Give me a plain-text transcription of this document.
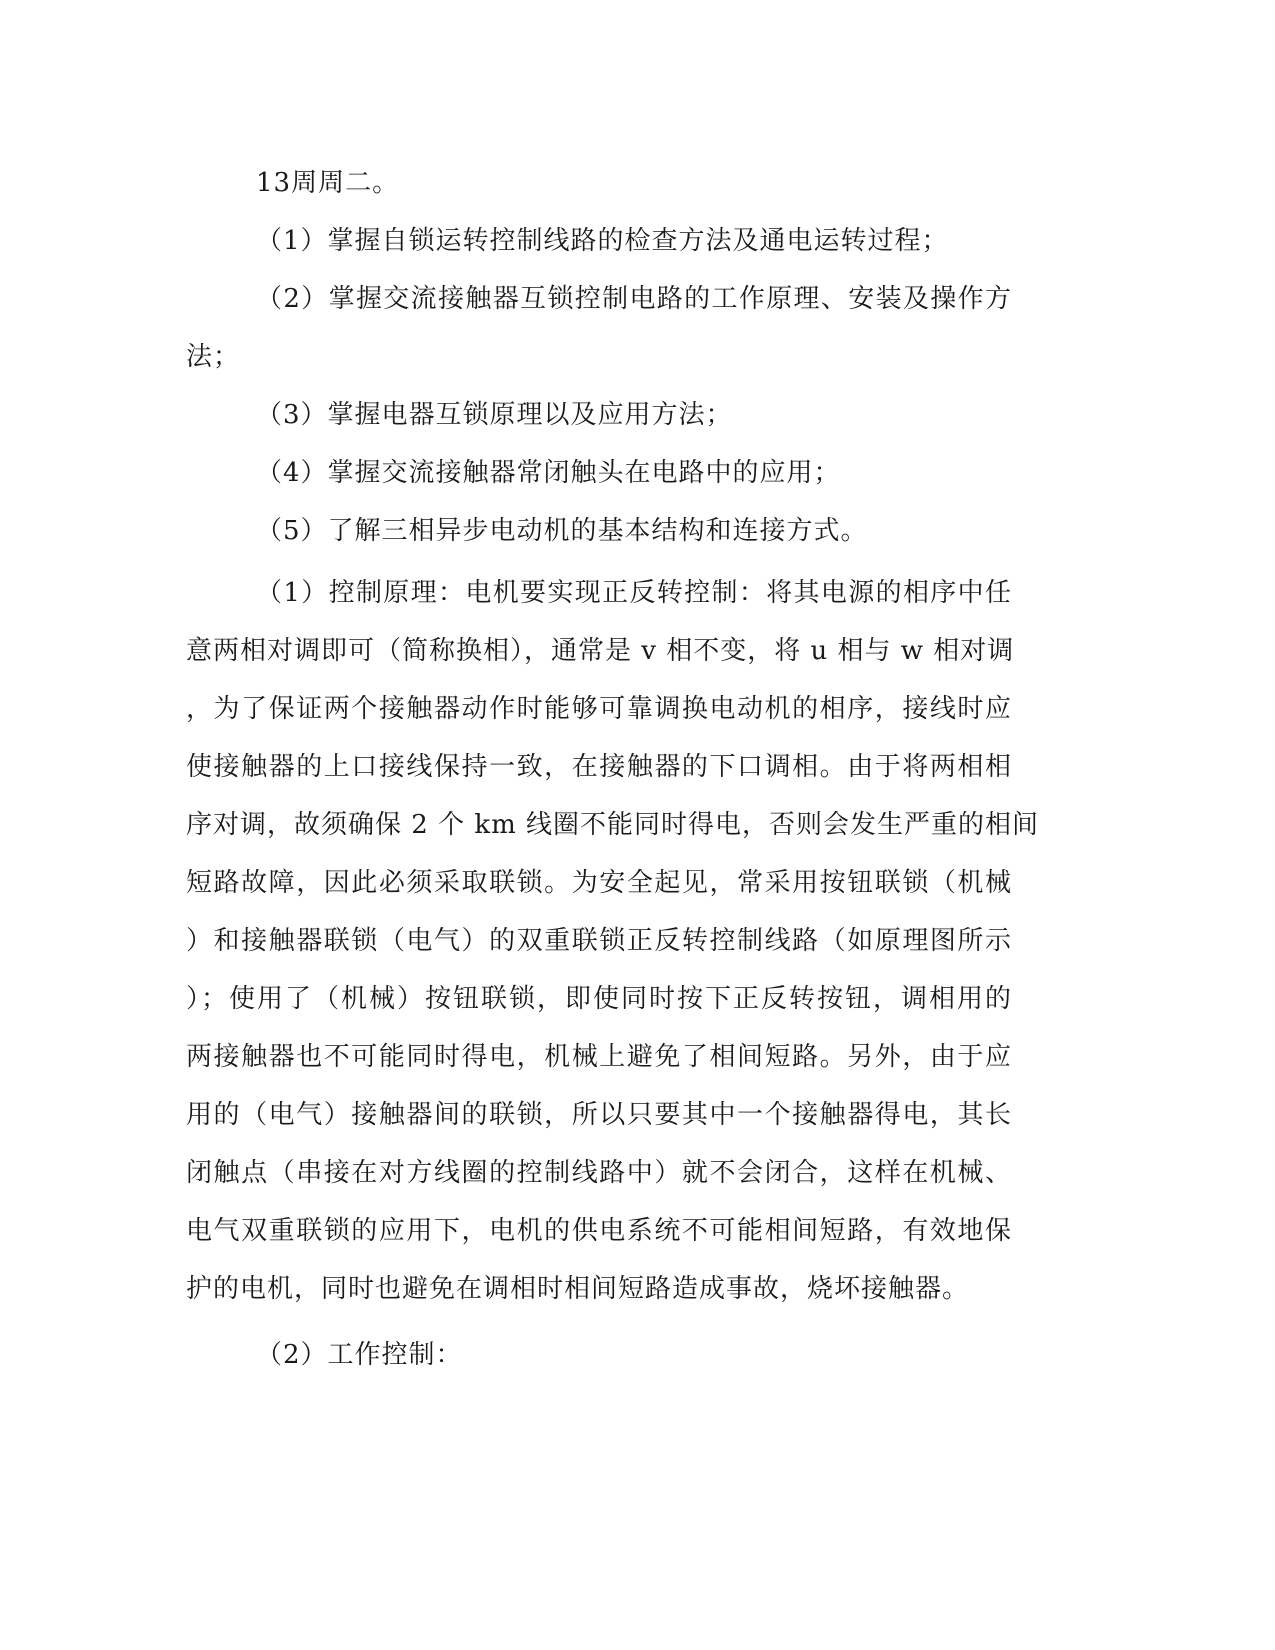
13周周二。

（1）掌握自锁运转控制线路的检查方法及通电运转过程；

（2）掌握交流接触器互锁控制电路的工作原理、安装及操作方

法；

（3）掌握电器互锁原理以及应用方法；

（4）掌握交流接触器常闭触头在电路中的应用；

（5）了解三相异步电动机的基本结构和连接方式。

（1）控制原理：电机要实现正反转控制：将其电源的相序中任

意两相对调即可（简称换相），通常是 v 相不变，将 u 相与 w 相对调

，为了保证两个接触器动作时能够可靠调换电动机的相序，接线时应

使接触器的上口接线保持一致，在接触器的下口调相。由于将两相相

序对调，故须确保 2 个 km 线圈不能同时得电，否则会发生严重的相间

短路故障，因此必须采取联锁。为安全起见，常采用按钮联锁（机械

）和接触器联锁（电气）的双重联锁正反转控制线路（如原理图所示

）；使用了（机械）按钮联锁，即使同时按下正反转按钮，调相用的

两接触器也不可能同时得电，机械上避免了相间短路。另外，由于应

用的（电气）接触器间的联锁，所以只要其中一个接触器得电，其长

闭触点（串接在对方线圈的控制线路中）就不会闭合，这样在机械、

电气双重联锁的应用下，电机的供电系统不可能相间短路，有效地保

护的电机，同时也避免在调相时相间短路造成事故，烧坏接触器。

（2）工作控制：
